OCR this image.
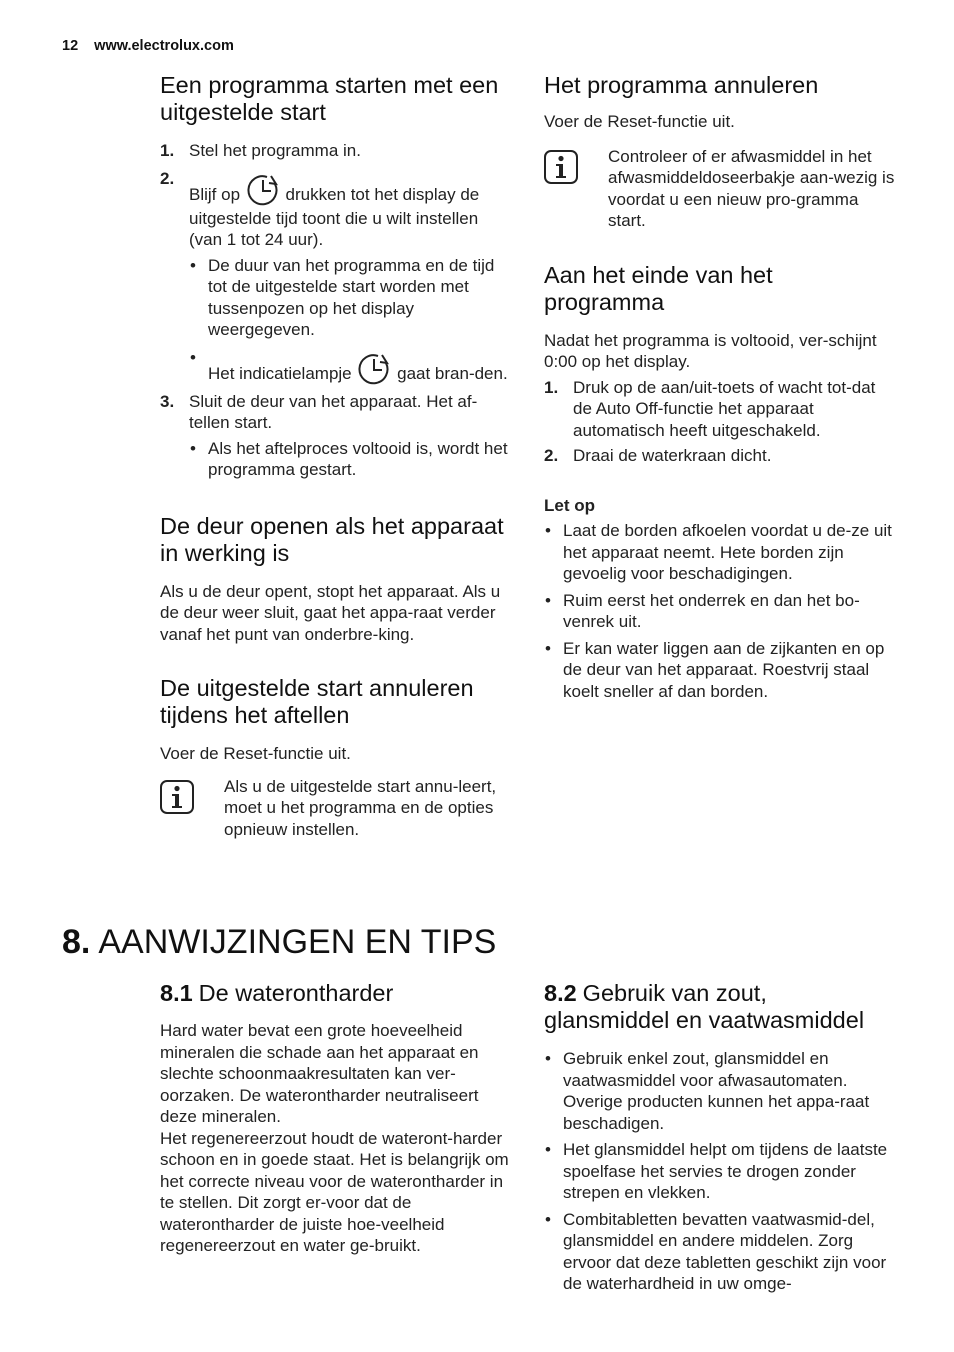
12 www.electrolux.com
Een programma starten met een uitgestelde start
1. Stel het programma in.
2.
Blijf op	drukken tot het display de uitgestelde tijd toont die u wilt instellen (van 1 tot 24 uur).
• De duur van het programma en de tijd tot de uitgestelde start worden met tussenpozen op het display weergegeven.
•
Het indicatielampje	gaat bran-den.
3. Sluit de deur van het apparaat. Het af-tellen start.
• Als het aftelproces voltooid is, wordt het programma gestart.
De deur openen als het apparaat in werking is

Als u de deur opent, stopt het apparaat. Als u de deur weer sluit, gaat het appa-raat verder vanaf het punt van onderbre-king.

De uitgestelde start annuleren tijdens het aftellen

Voer de Reset-functie uit.

Als u de uitgestelde start annu-leert, moet u het programma en de opties opnieuw instellen.
Het programma annuleren

Voer de Reset-functie uit.

Controleer of er afwasmiddel in het afwasmiddeldoseerbakje aan-wezig is voordat u een nieuw pro-gramma start.
Aan het einde van het programma

Nadat het programma is voltooid, ver-schijnt 0:00 op het display.

1. Druk op de aan/uit-toets of wacht tot-dat de Auto Off-functie het apparaat automatisch heeft uitgeschakeld.
2. Draai de waterkraan dicht.
Let op
• Laat de borden afkoelen voordat u de-ze uit het apparaat neemt. Hete borden zijn gevoelig voor beschadigingen.
• Ruim eerst het onderrek en dan het bo-venrek uit.
• Er kan water liggen aan de zijkanten en op de deur van het apparaat. Roestvrij staal koelt sneller af dan borden.
8. AANWIJZINGEN EN TIPS
8.1 De waterontharder

Hard water bevat een grote hoeveelheid mineralen die schade aan het apparaat en slechte schoonmaakresultaten kan ver-oorzaken. De waterontharder neutraliseert deze mineralen.

Het regenereerzout houdt de wateront-harder schoon en in goede staat. Het is belangrijk om het correcte niveau voor de waterontharder in te stellen. Dit zorgt er-voor dat de waterontharder de juiste hoe-veelheid regenereerzout en water ge-bruikt.

8.2 Gebruik van zout, glansmiddel en vaatwasmiddel
• Gebruik enkel zout, glansmiddel en vaatwasmiddel voor afwasautomaten. Overige producten kunnen het appa-raat beschadigen.
• Het glansmiddel helpt om tijdens de laatste spoelfase het servies te drogen zonder strepen en vlekken.
• Combitabletten bevatten vaatwasmid-del, glansmiddel en andere middelen. Zorg ervoor dat deze tabletten geschikt zijn voor de waterhardheid in uw omge-
